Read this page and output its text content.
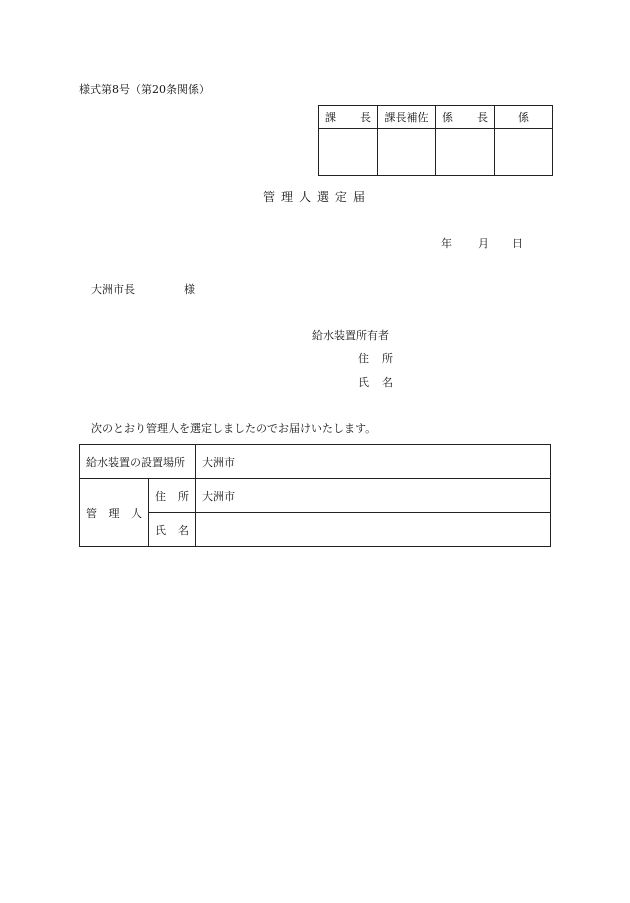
様式第8号（第20条関係）
課 長	課長補佐	係 長	係

管理人選定届
年 月 日
大洲市長	様
給水装置所有者
住 所
氏 名
次のとおり管理人を選定しましたのでお届けいたします。
給水装置の設置場所		大洲市

管 理 人	住 所	大洲市

	氏 名	
